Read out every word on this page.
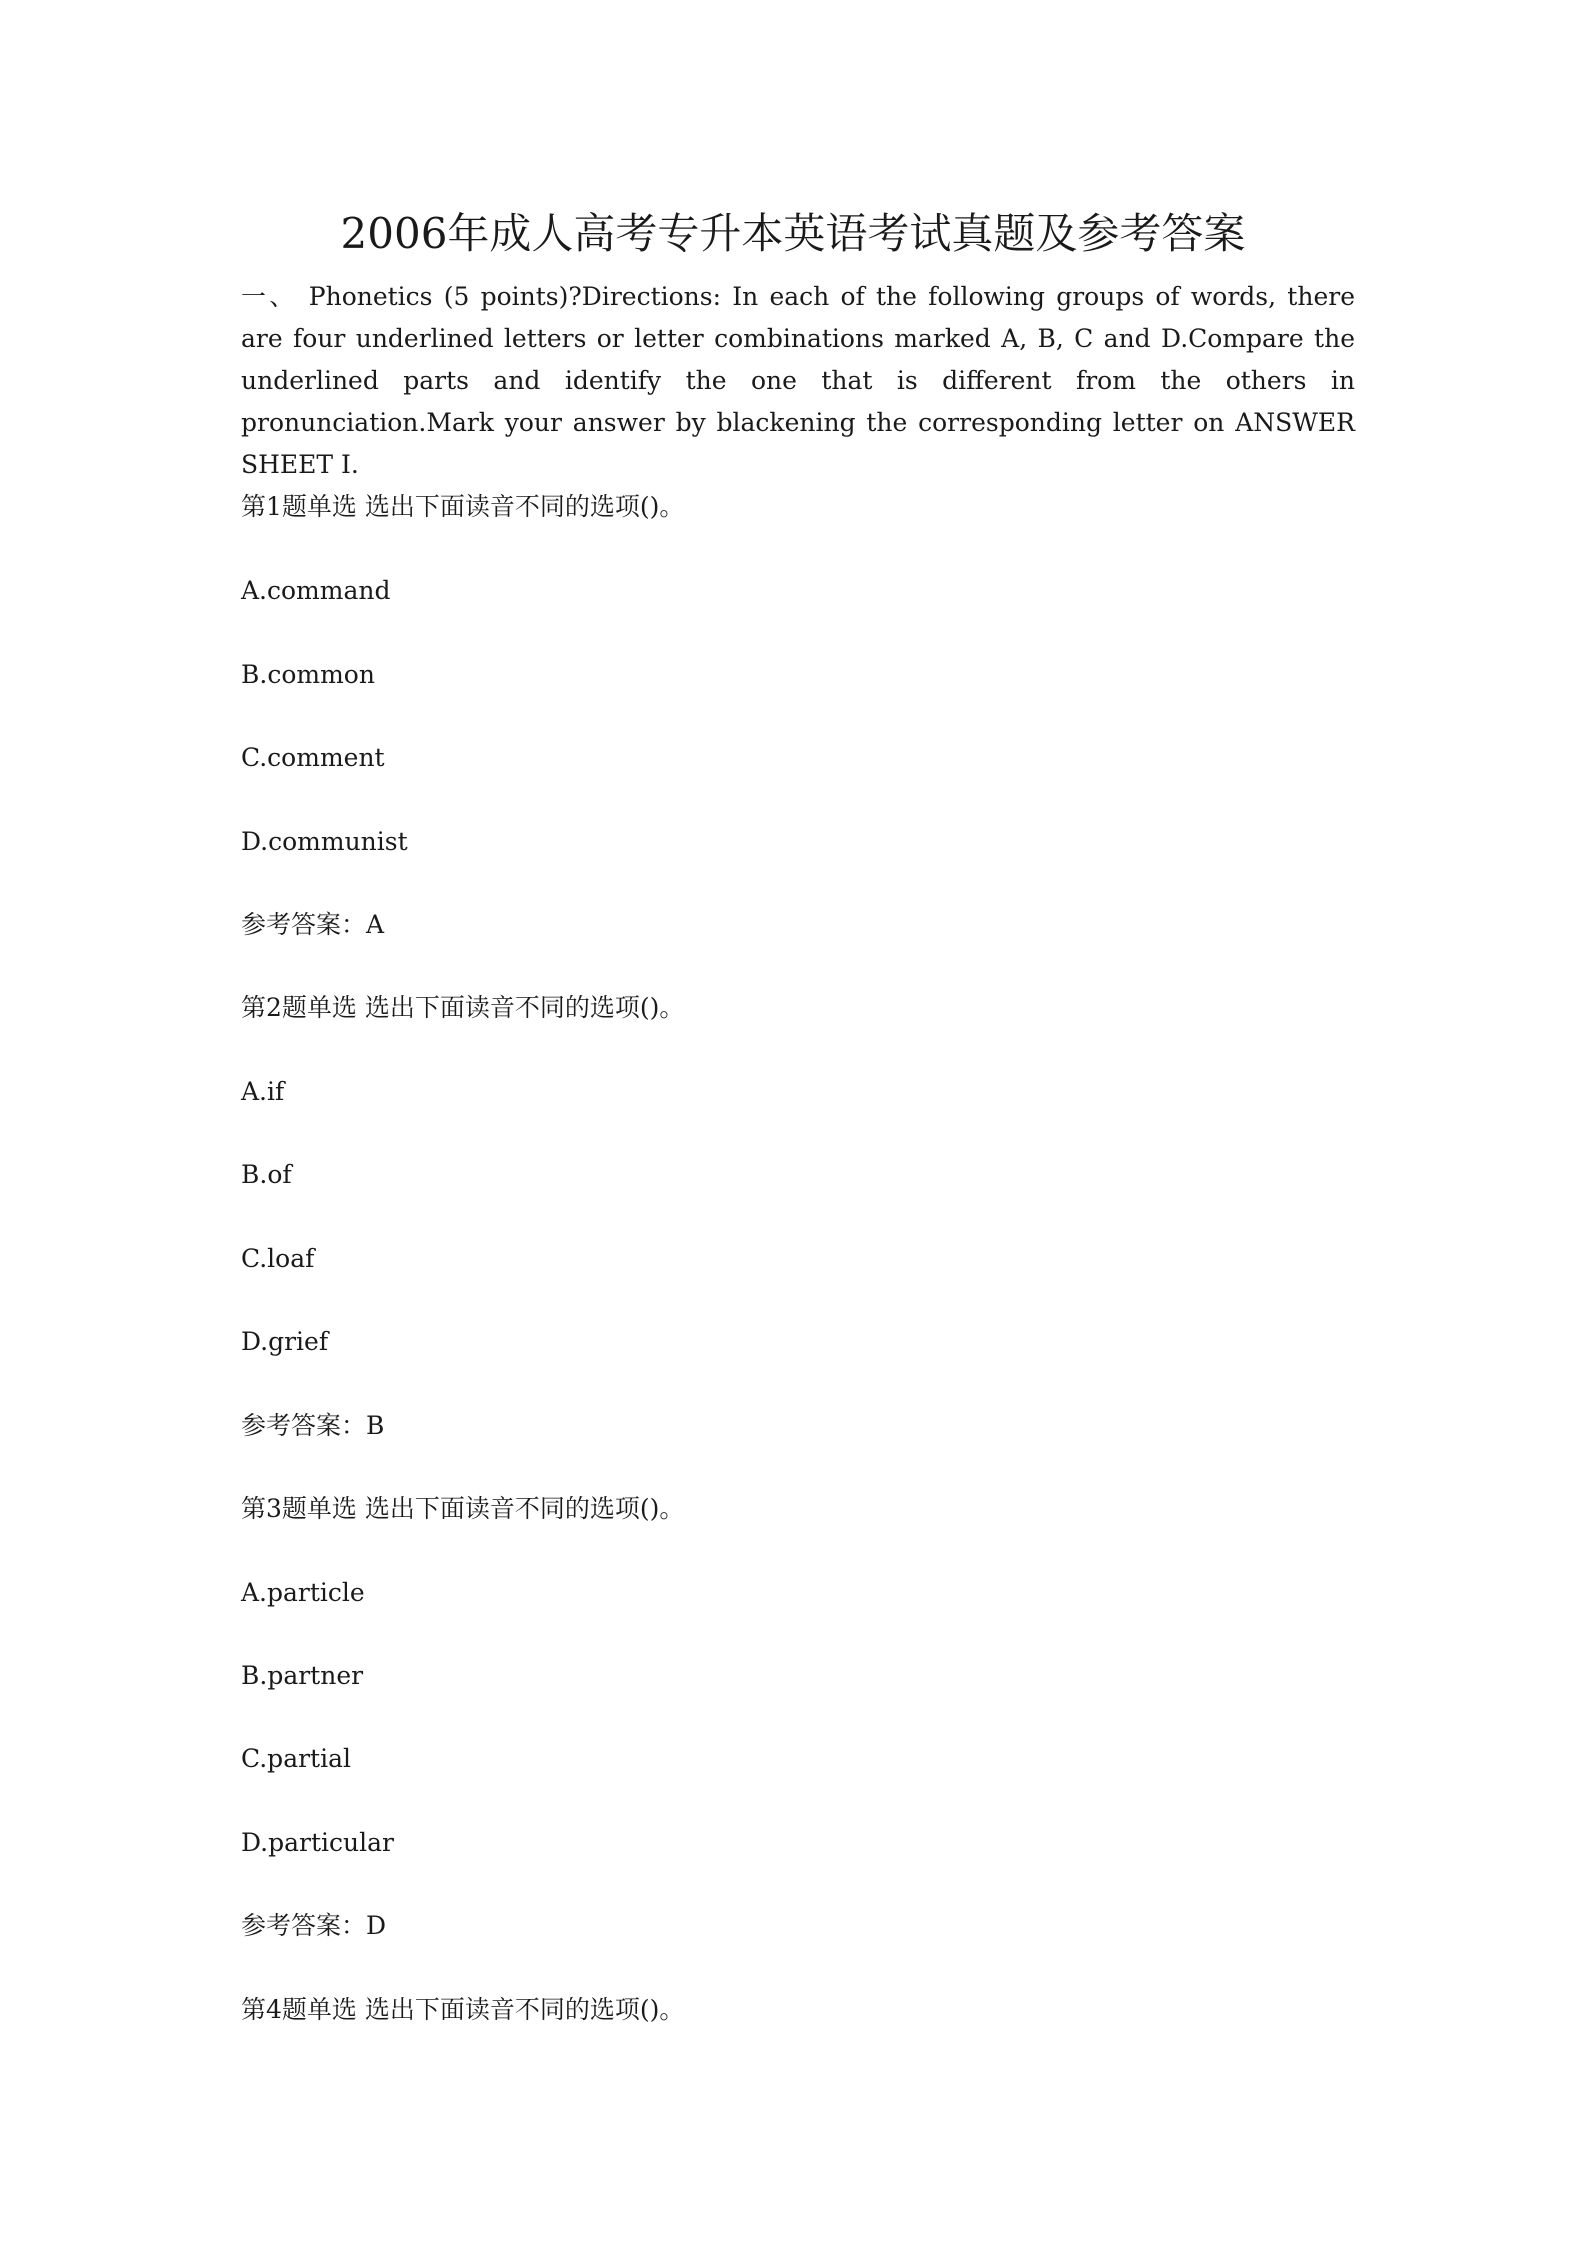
2006年成人高考专升本英语考试真题及参考答案

一、 Phonetics (5 points)?Directions: In each of the following groups of words, there are four underlined letters or letter combinations marked A, B, C and D.Compare the underlined parts and identify the one that is different from the others in pronunciation.Mark your answer by blackening the corresponding letter on ANSWER SHEET Ⅰ.

第1题单选 选出下面读音不同的选项()。

A.command

B.common

C.comment

D.communist

参考答案：A

第2题单选 选出下面读音不同的选项()。

A.if

B.of

C.loaf

D.grief

参考答案：B

第3题单选 选出下面读音不同的选项()。

A.particle

B.partner

C.partial

D.particular

参考答案：D

第4题单选 选出下面读音不同的选项()。
